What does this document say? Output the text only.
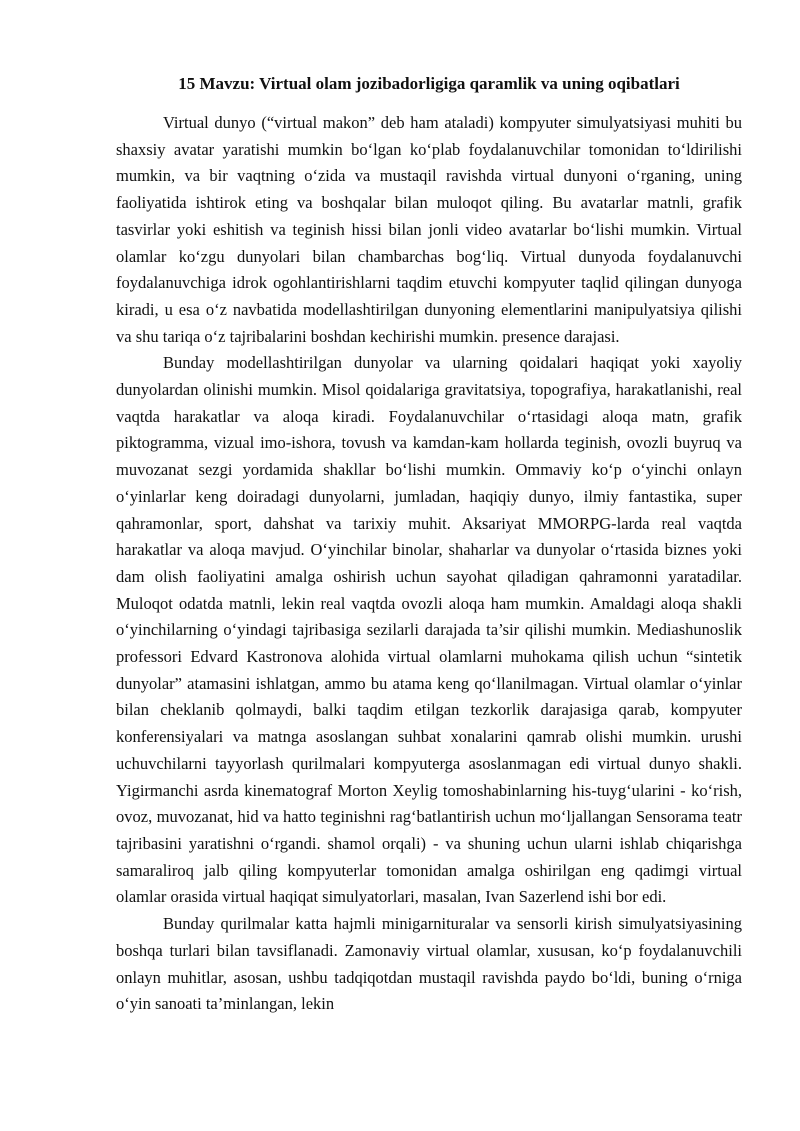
15 Mavzu: Virtual olam jozibadorligiga qaramlik va uning oqibatlari

Virtual dunyo (“virtual makon” deb ham ataladi) kompyuter simulyatsiyasi muhiti bu shaxsiy avatar yaratishi mumkin bo‘lgan ko‘plab foydalanuvchilar tomonidan to‘ldirilishi mumkin, va bir vaqtning o‘zida va mustaqil ravishda virtual dunyoni o‘rganing, uning faoliyatida ishtirok eting va boshqalar bilan muloqot qiling. Bu avatarlar matnli, grafik tasvirlar yoki eshitish va teginish hissi bilan jonli video avatarlar bo‘lishi mumkin. Virtual olamlar ko‘zgu dunyolari bilan chambarchas bog‘liq. Virtual dunyoda foydalanuvchi foydalanuvchiga idrok ogohlantirishlarni taqdim etuvchi kompyuter taqlid qilingan dunyoga kiradi, u esa o‘z navbatida modellashtirilgan dunyoning elementlarini manipulyatsiya qilishi va shu tariqa o‘z tajribalarini boshdan kechirishi mumkin. presence darajasi.

Bunday modellashtirilgan dunyolar va ularning qoidalari haqiqat yoki xayoliy dunyolardan olinishi mumkin. Misol qoidalariga gravitatsiya, topografiya, harakatlanishi, real vaqtda harakatlar va aloqa kiradi. Foydalanuvchilar o‘rtasidagi aloqa matn, grafik piktogramma, vizual imo-ishora, tovush va kamdan-kam hollarda teginish, ovozli buyruq va muvozanat sezgi yordamida shakllar bo‘lishi mumkin. Ommaviy ko‘p o‘yinchi onlayn o‘yinlarlar keng doiradagi dunyolarni, jumladan, haqiqiy dunyo, ilmiy fantastika, super qahramonlar, sport, dahshat va tarixiy muhit. Aksariyat MMORPG-larda real vaqtda harakatlar va aloqa mavjud. O‘yinchilar binolar, shaharlar va dunyolar o‘rtasida biznes yoki dam olish faoliyatini amalga oshirish uchun sayohat qiladigan qahramonni yaratadilar. Muloqot odatda matnli, lekin real vaqtda ovozli aloqa ham mumkin. Amaldagi aloqa shakli o‘yinchilarning o‘yindagi tajribasiga sezilarli darajada ta’sir qilishi mumkin. Mediashunoslik professori Edvard Kastronova alohida virtual olamlarni muhokama qilish uchun “sintetik dunyolar” atamasini ishlatgan, ammo bu atama keng qo‘llanilmagan. Virtual olamlar o‘yinlar bilan cheklanib qolmaydi, balki taqdim etilgan tezkorlik darajasiga qarab, kompyuter konferensiyalari va matnga asoslangan suhbat xonalarini qamrab olishi mumkin. urushi uchuvchilarni tayyorlash qurilmalari kompyuterga asoslanmagan edi virtual dunyo shakli. Yigirmanchi asrda kinematograf Morton Xeylig tomoshabinlarning his-tuyg‘ularini - ko‘rish, ovoz, muvozanat, hid va hatto teginishni rag‘batlantirish uchun mo‘ljallangan Sensorama teatr tajribasini yaratishni o‘rgandi. shamol orqali) - va shuning uchun ularni ishlab chiqarishga samaraliroq jalb qiling kompyuterlar tomonidan amalga oshirilgan eng qadimgi virtual olamlar orasida virtual haqiqat simulyatorlari, masalan, Ivan Sazerlend ishi bor edi.

Bunday qurilmalar katta hajmli minigarnituralar va sensorli kirish simulyatsiyasining boshqa turlari bilan tavsiflanadi. Zamonaviy virtual olamlar, xususan, ko‘p foydalanuvchili onlayn muhitlar, asosan, ushbu tadqiqotdan mustaqil ravishda paydo bo‘ldi, buning o‘rniga o‘yin sanoati ta’minlangan, lekin
